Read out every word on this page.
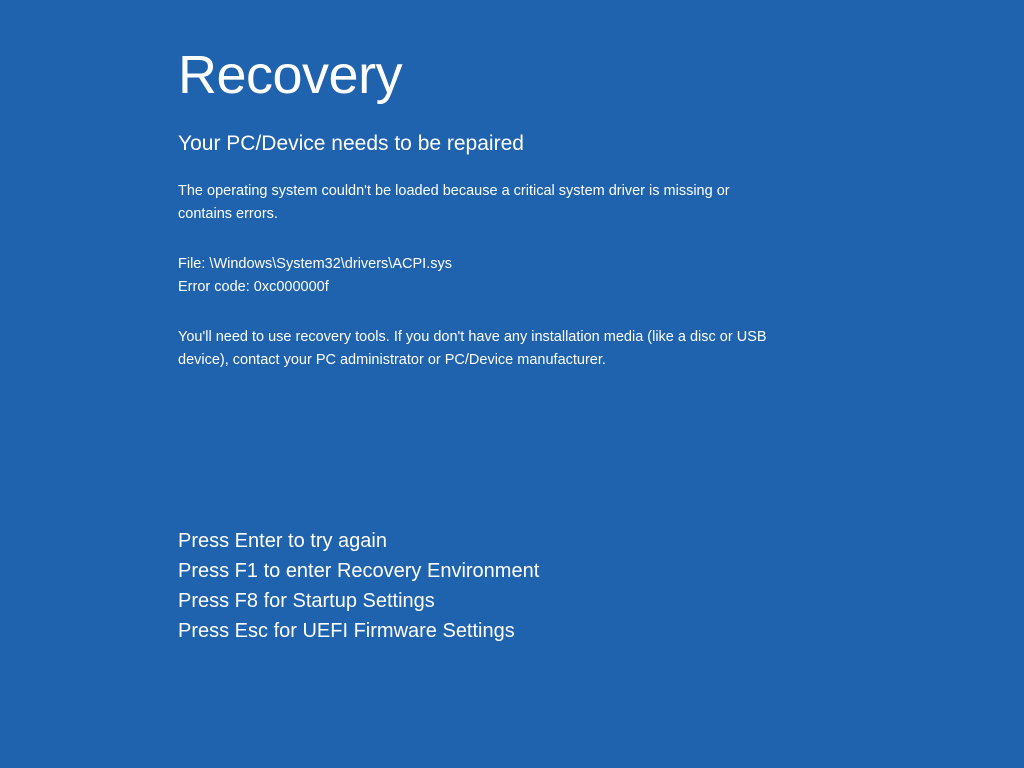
Recovery
Your PC/Device needs to be repaired

The operating system couldn't be loaded because a critical system driver is missing or contains errors.

File: \Windows\System32\drivers\ACPI.sys

Error code: 0xc000000f

You'll need to use recovery tools. If you don't have any installation media (like a disc or USB device), contact your PC administrator or PC/Device manufacturer.

Press Enter to try again
Press F1 to enter Recovery Environment
Press F8 for Startup Settings
Press Esc for UEFI Firmware Settings
